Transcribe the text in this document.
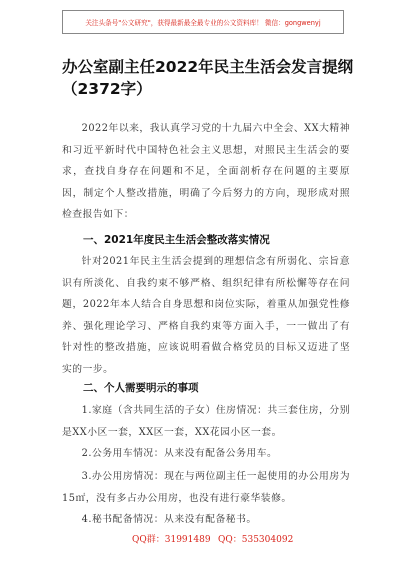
关注头条号"公文研究"，获得最新最全最专业的公文资料库！ 微信：gongwenyj
办公室副主任2022年民主生活会发言提纲
（2372字）

2022年以来，我认真学习党的十九届六中全会、XX大精神和习近平新时代中国特色社会主义思想，对照民主生活会的要求，查找自身存在问题和不足，全面剖析存在问题的主要原因，制定个人整改措施，明确了今后努力的方向，现形成对照检查报告如下：

一、2021年度民主生活会整改落实情况

针对2021年民主生活会提到的理想信念有所弱化、宗旨意识有所淡化、自我约束不够严格、组织纪律有所松懈等存在问题，2022年本人结合自身思想和岗位实际，着重从加强党性修养、强化理论学习、严格自我约束等方面入手，一一做出了有针对性的整改措施，应该说明看做合格党员的目标又迈进了坚实的一步。

二、个人需要明示的事项

1.家庭（含共同生活的子女）住房情况：共三套住房，分别是XX小区一套，XX区一套，XX花园小区一套。

2.公务用车情况：从来没有配备公务用车。

3.办公用房情况：现在与两位副主任一起使用的办公用房为15㎡，没有多占办公用房，也没有进行豪华装修。

4.秘书配备情况：从来没有配备秘书。

QQ群：31991489 QQ：535304092
